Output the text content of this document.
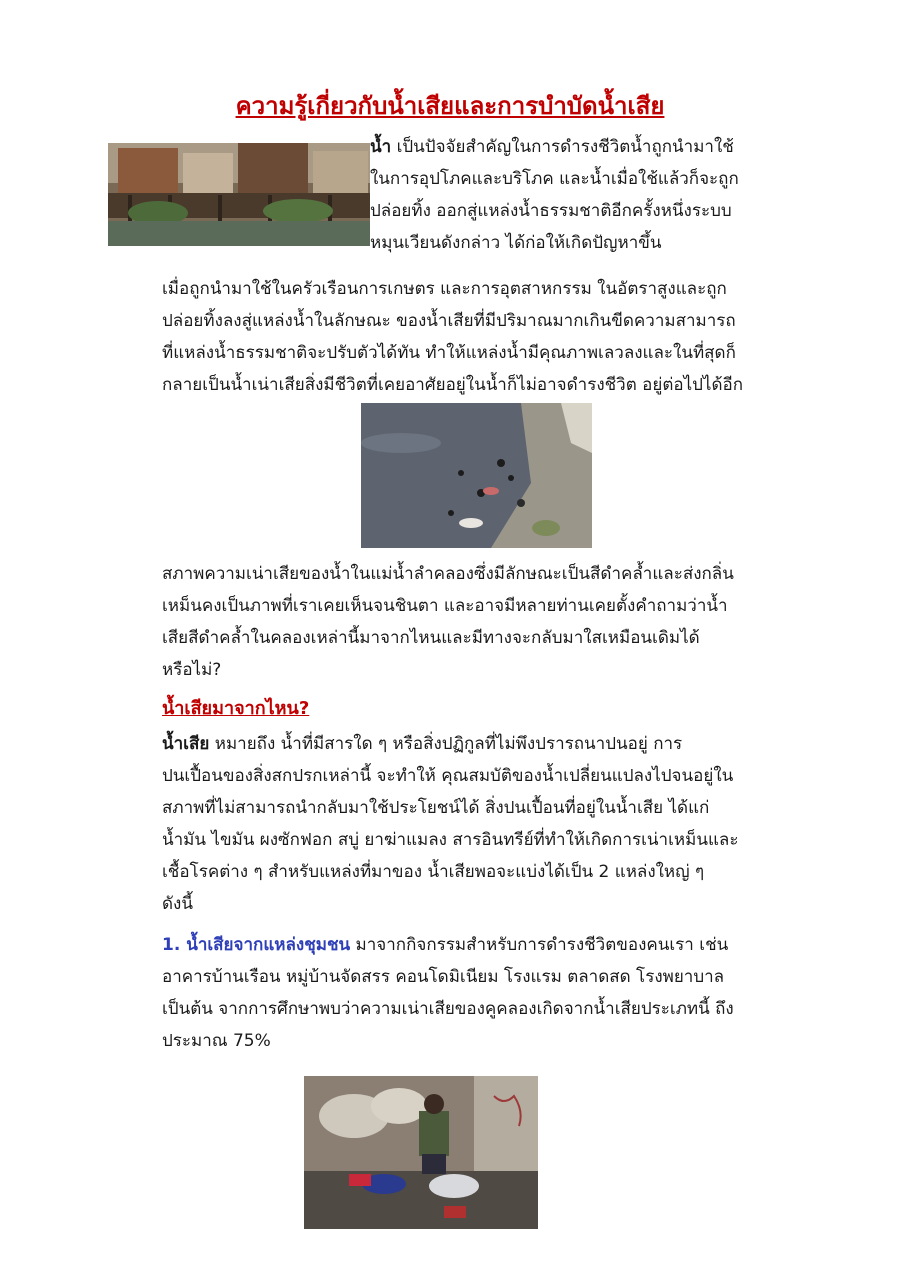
ความรู้เกี่ยวกับน้ำเสียและการบำบัดน้ำเสีย

น้ำ เป็นปัจจัยสำคัญในการดำรงชีวิตน้ำถูกนำมาใช้
ในการอุปโภคและบริโภค และน้ำเมื่อใช้แล้วก็จะถูก
ปล่อยทิ้ง ออกสู่แหล่งน้ำธรรมชาติอีกครั้งหนึ่งระบบ
หมุนเวียนดังกล่าว ได้ก่อให้เกิดปัญหาขึ้น

เมื่อถูกนำมาใช้ในครัวเรือนการเกษตร และการอุตสาหกรรม ในอัตราสูงและถูก
ปล่อยทิ้งลงสู่แหล่งน้ำในลักษณะ ของน้ำเสียที่มีปริมาณมากเกินขีดความสามารถ
ที่แหล่งน้ำธรรมชาติจะปรับตัวได้ทัน ทำให้แหล่งน้ำมีคุณภาพเลวลงและในที่สุดก็
กลายเป็นน้ำเน่าเสียสิ่งมีชีวิตที่เคยอาศัยอยู่ในน้ำก็ไม่อาจดำรงชีวิต อยู่ต่อไปได้อีก

สภาพความเน่าเสียของน้ำในแม่น้ำลำคลองซึ่งมีลักษณะเป็นสีดำคล้ำและส่งกลิ่น
เหม็นคงเป็นภาพที่เราเคยเห็นจนชินตา และอาจมีหลายท่านเคยตั้งคำถามว่าน้ำ
เสียสีดำคล้ำในคลองเหล่านี้มาจากไหนและมีทางจะกลับมาใสเหมือนเดิมได้
หรือไม่?

น้ำเสียมาจากไหน?

น้ำเสีย หมายถึง น้ำที่มีสารใด ๆ หรือสิ่งปฏิกูลที่ไม่พึงปรารถนาปนอยู่ การ
ปนเปื้อนของสิ่งสกปรกเหล่านี้ จะทำให้ คุณสมบัติของน้ำเปลี่ยนแปลงไปจนอยู่ใน
สภาพที่ไม่สามารถนำกลับมาใช้ประโยชน์ได้ สิ่งปนเปื้อนที่อยู่ในน้ำเสีย ได้แก่
น้ำมัน ไขมัน ผงซักฟอก สบู่ ยาฆ่าแมลง สารอินทรีย์ที่ทำให้เกิดการเน่าเหม็นและ
เชื้อโรคต่าง ๆ สำหรับแหล่งที่มาของ น้ำเสียพอจะแบ่งได้เป็น 2 แหล่งใหญ่ ๆ
ดังนี้

1. น้ำเสียจากแหล่งชุมชน มาจากกิจกรรมสำหรับการดำรงชีวิตของคนเรา เช่น
อาคารบ้านเรือน หมู่บ้านจัดสรร คอนโดมิเนียม โรงแรม ตลาดสด โรงพยาบาล
เป็นต้น จากการศึกษาพบว่าความเน่าเสียของคูคลองเกิดจากน้ำเสียประเภทนี้ ถึง
ประมาณ 75%
